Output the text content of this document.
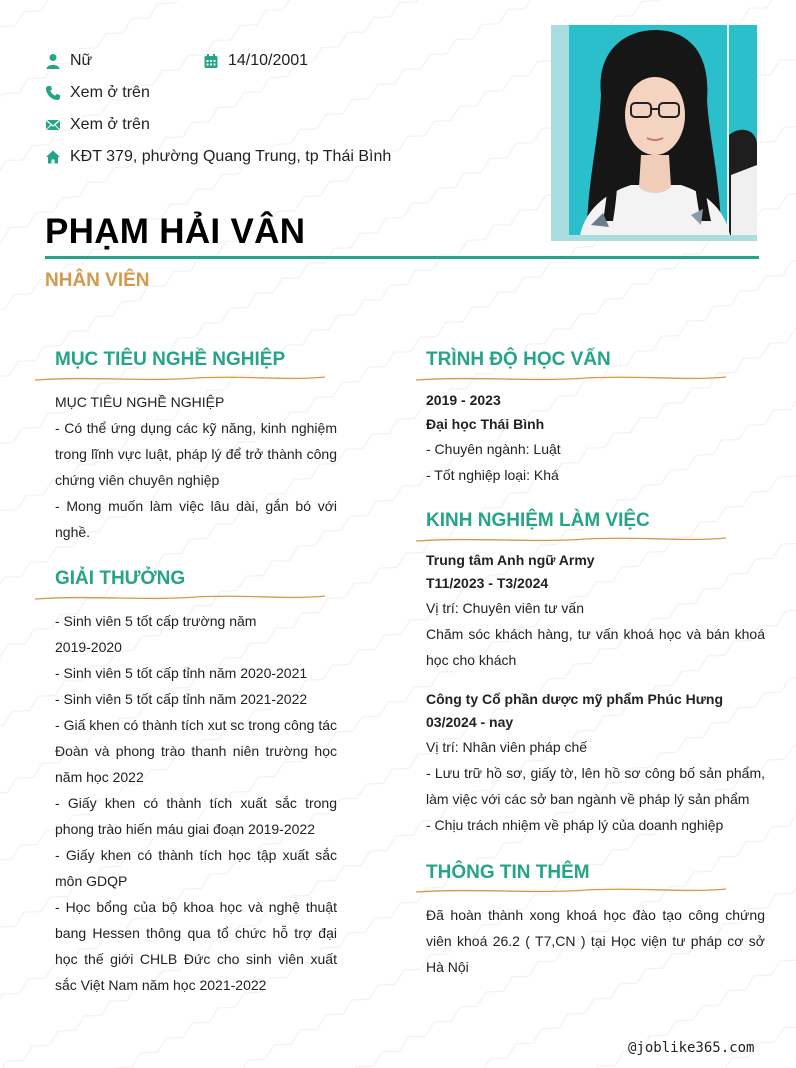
Nữ	14/10/2001
Xem ở trên
Xem ở trên
KĐT 379, phường Quang Trung, tp Thái Bình
PHẠM HẢI VÂN
NHÂN VIÊN
MỤC TIÊU NGHỀ NGHIỆP

MỤC TIÊU NGHỀ NGHIỆP

- Có thể ứng dụng các kỹ năng, kinh nghiệm trong lĩnh vực luật, pháp lý để trở thành công chứng viên chuyên nghiệp

- Mong muốn làm việc lâu dài, gắn bó với nghề.

GIẢI THƯỞNG

- Sinh viên 5 tốt cấp trường năm 2019-2020

- Sinh viên 5 tốt cấp tỉnh năm 2020-2021

- Sinh viên 5 tốt cấp tỉnh năm 2021-2022

- Giấ khen có thành tích xut sc trong công tác Đoàn và phong trào thanh niên trường học năm học 2022

- Giấy khen có thành tích xuất sắc trong phong trào hiến máu giai đoạn 2019-2022

- Giấy khen có thành tích học tập xuất sắc môn GDQP

- Học bổng của bộ khoa học và nghệ thuật bang Hessen thông qua tổ chức hỗ trợ đại học thế giới CHLB Đức cho sinh viên xuất sắc Việt Nam năm học 2021-2022

TRÌNH ĐỘ HỌC VẤN

2019 - 2023

Đại học Thái Bình

- Chuyên ngành: Luật

- Tốt nghiệp loại: Khá

KINH NGHIỆM LÀM VIỆC

Trung tâm Anh ngữ Army

T11/2023 - T3/2024

Vị trí: Chuyên viên tư vấn

Chăm sóc khách hàng, tư vấn khoá học và bán khoá học cho khách

Công ty Cổ phần dược mỹ phẩm Phúc Hưng

03/2024 - nay

Vị trí: Nhân viên pháp chế

- Lưu trữ hồ sơ, giấy tờ, lên hồ sơ công bố sản phẩm, làm việc với các sở ban ngành về pháp lý sản phẩm

- Chịu trách nhiệm về pháp lý của doanh nghiệp

THÔNG TIN THÊM

Đã hoàn thành xong khoá học đào tạo công chứng viên khoá 26.2 ( T7,CN ) tại Học viện tư pháp cơ sở Hà Nội

@joblike365.com
